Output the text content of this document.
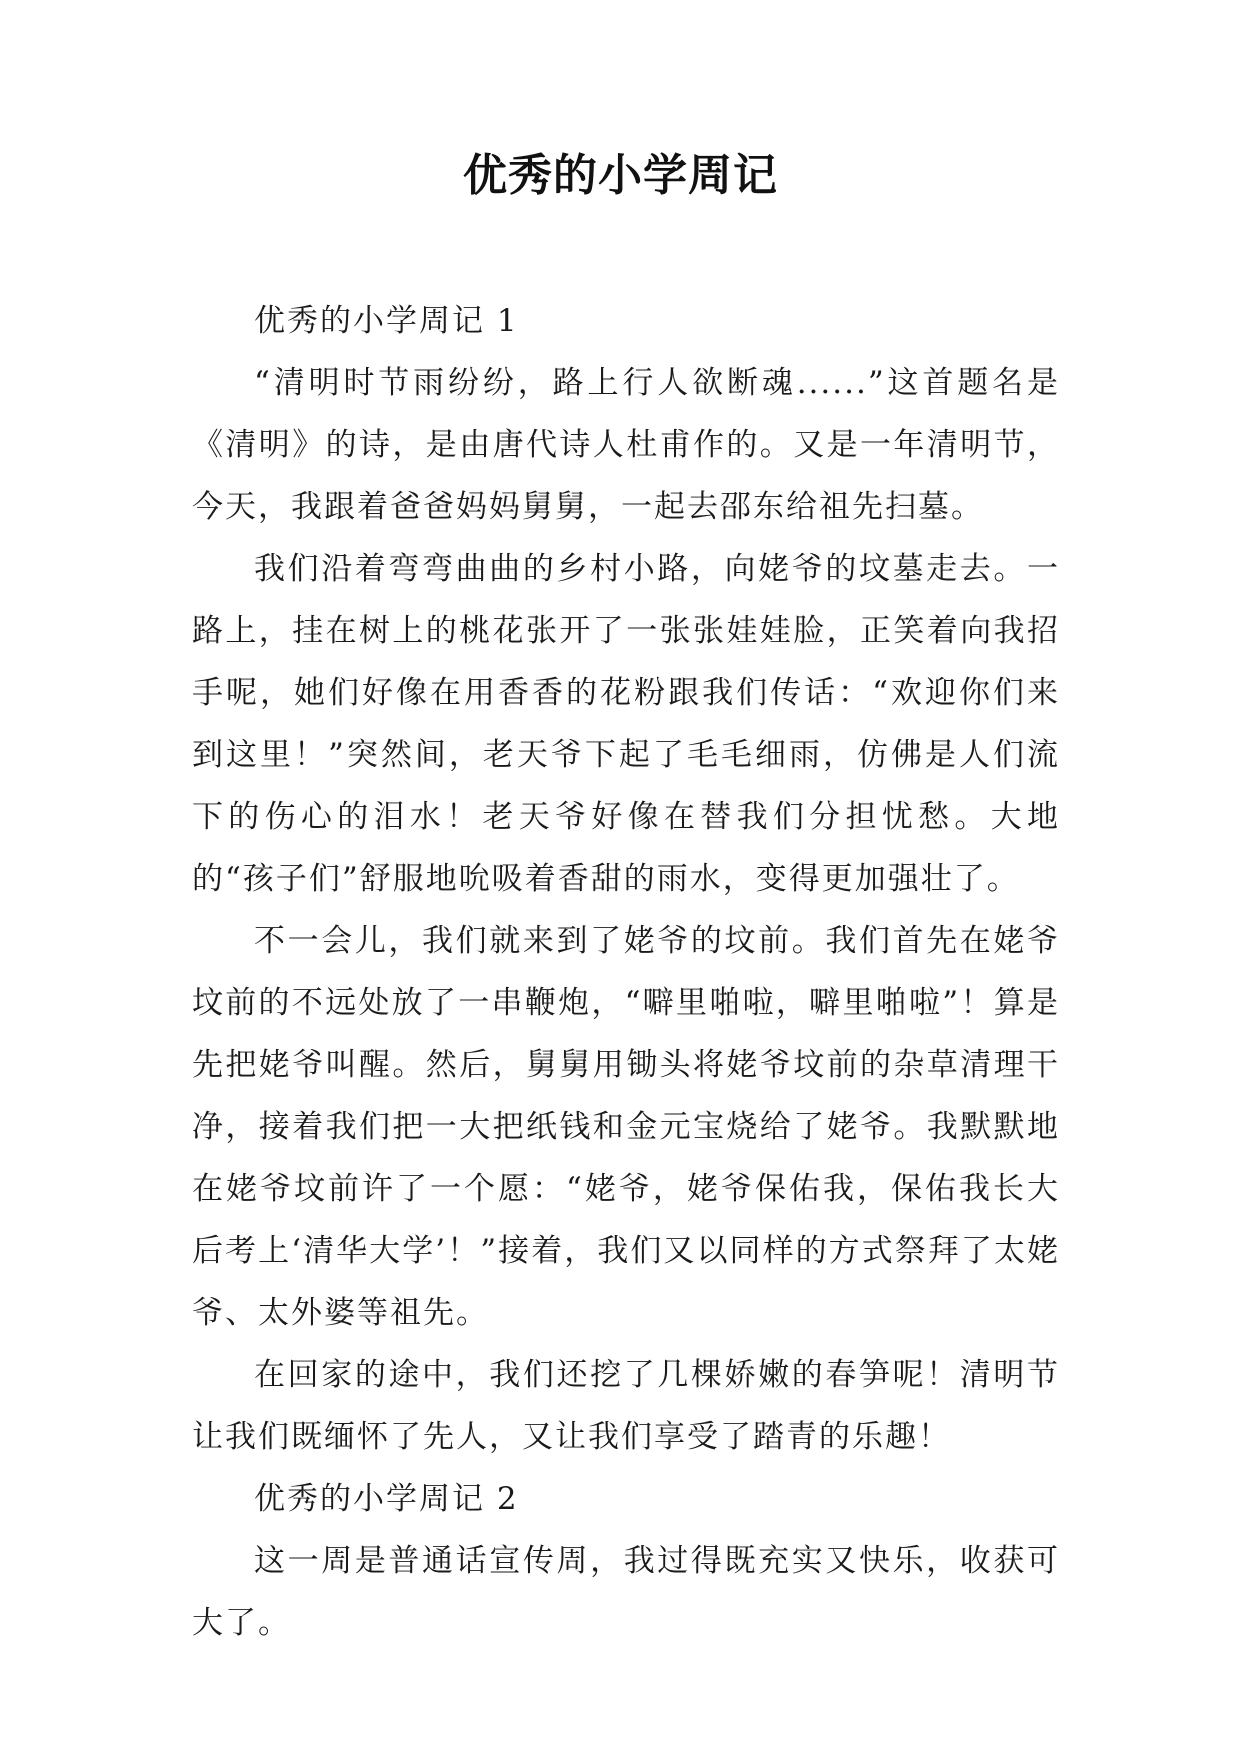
优秀的小学周记

优秀的小学周记 1

“清明时节雨纷纷，路上行人欲断魂......”这首题名是《清明》的诗，是由唐代诗人杜甫作的。又是一年清明节，今天，我跟着爸爸妈妈舅舅，一起去邵东给祖先扫墓。

我们沿着弯弯曲曲的乡村小路，向姥爷的坟墓走去。一路上，挂在树上的桃花张开了一张张娃娃脸，正笑着向我招手呢，她们好像在用香香的花粉跟我们传话：“欢迎你们来到这里！”突然间，老天爷下起了毛毛细雨，仿佛是人们流下的伤心的泪水！老天爷好像在替我们分担忧愁。大地的“孩子们”舒服地吮吸着香甜的雨水，变得更加强壮了。

不一会儿，我们就来到了姥爷的坟前。我们首先在姥爷坟前的不远处放了一串鞭炮，“噼里啪啦，噼里啪啦”！算是先把姥爷叫醒。然后，舅舅用锄头将姥爷坟前的杂草清理干净，接着我们把一大把纸钱和金元宝烧给了姥爷。我默默地在姥爷坟前许了一个愿：“姥爷，姥爷保佑我，保佑我长大后考上‘清华大学’！”接着，我们又以同样的方式祭拜了太姥爷、太外婆等祖先。

在回家的途中，我们还挖了几棵娇嫩的春笋呢！清明节让我们既缅怀了先人，又让我们享受了踏青的乐趣！

优秀的小学周记 2

这一周是普通话宣传周，我过得既充实又快乐，收获可大了。
